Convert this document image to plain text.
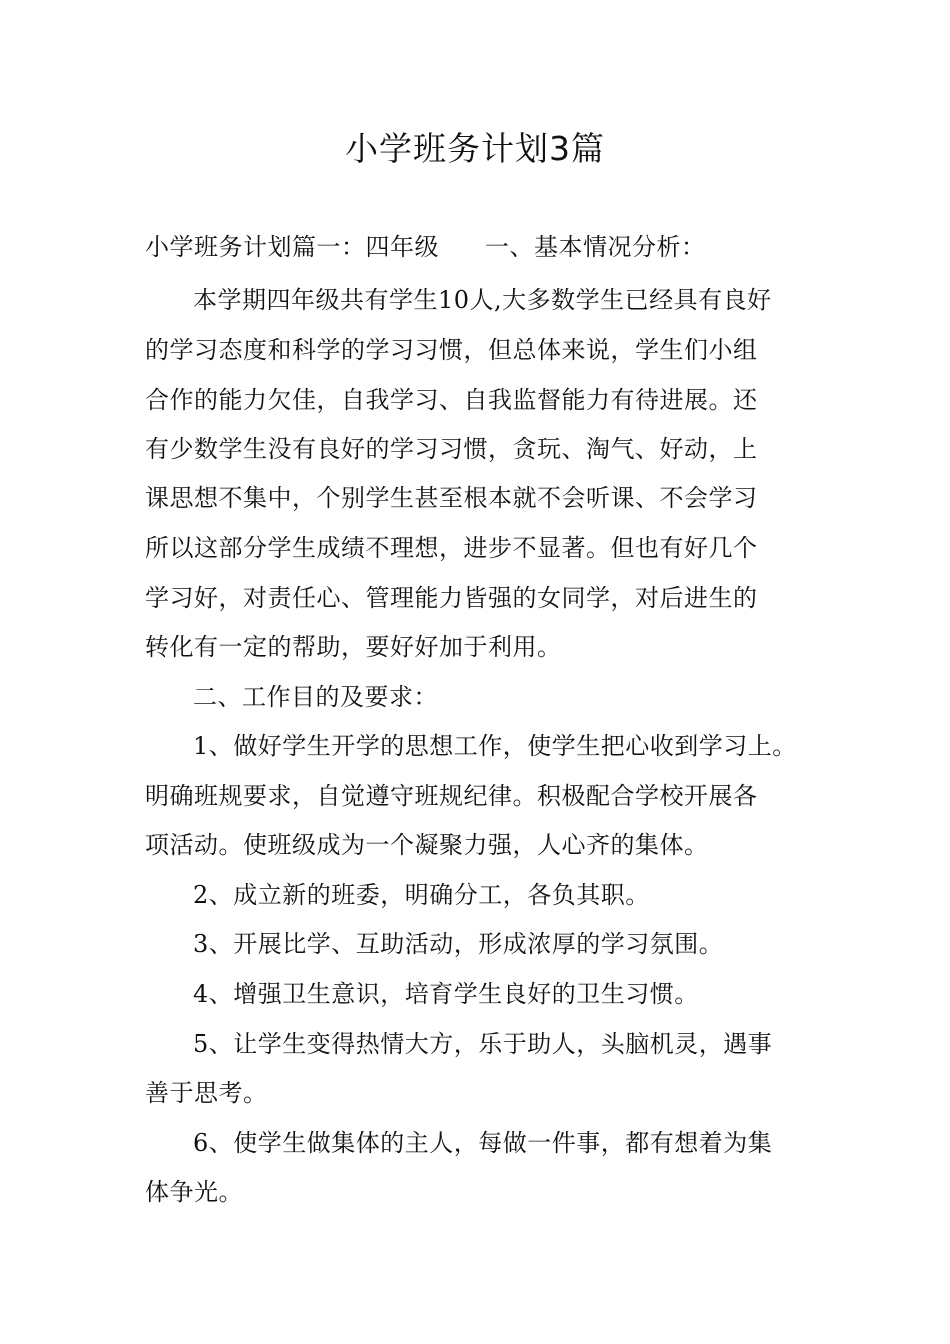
小学班务计划3篇
小学班务计划篇一：四年级 一、基本情况分析：
本学期四年级共有学生10人,大多数学生已经具有良好
的学习态度和科学的学习习惯，但总体来说，学生们小组
合作的能力欠佳，自我学习、自我监督能力有待进展。还
有少数学生没有良好的学习习惯，贪玩、淘气、好动，上
课思想不集中，个别学生甚至根本就不会听课、不会学习
所以这部分学生成绩不理想，进步不显著。但也有好几个
学习好，对责任心、管理能力皆强的女同学，对后进生的
转化有一定的帮助，要好好加于利用。
二、工作目的及要求：
1、做好学生开学的思想工作，使学生把心收到学习上。
明确班规要求，自觉遵守班规纪律。积极配合学校开展各
项活动。使班级成为一个凝聚力强，人心齐的集体。
2、成立新的班委，明确分工，各负其职。
3、开展比学、互助活动，形成浓厚的学习氛围。
4、增强卫生意识，培育学生良好的卫生习惯。
5、让学生变得热情大方，乐于助人，头脑机灵，遇事
善于思考。
6、使学生做集体的主人，每做一件事，都有想着为集
体争光。
